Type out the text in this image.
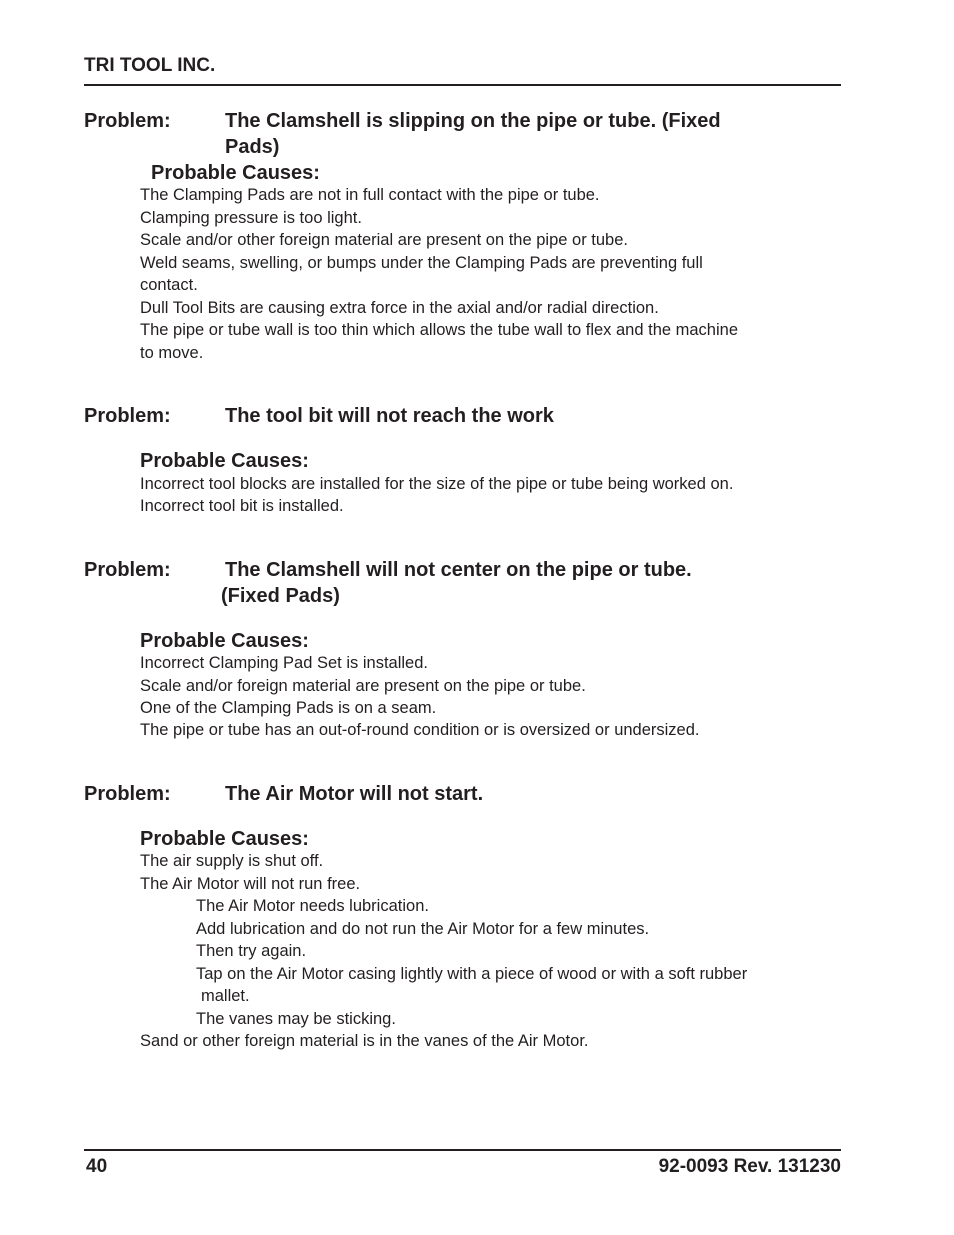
TRI TOOL INC.
Problem:	The Clamshell is slipping on the pipe or tube. (Fixed
Pads)
Probable Causes:
The Clamping Pads are not in full contact with the pipe or tube.
Clamping pressure is too light.
Scale and/or other foreign material are present on the pipe or tube.
Weld seams, swelling, or bumps under the Clamping Pads are preventing full
contact.
Dull Tool Bits are causing extra force in the axial and/or radial direction.
The pipe or tube wall is too thin which allows the tube wall to flex and the machine
to move.
Problem:	The tool bit will not reach the work
Probable Causes:
Incorrect tool blocks are installed for the size of the pipe or tube being worked on.
Incorrect tool bit is installed.
Problem:	The Clamshell will not center on the pipe or tube.
(Fixed Pads)
Probable Causes:
Incorrect Clamping Pad Set is installed.
Scale and/or foreign material are present on the pipe or tube.
One of the Clamping Pads is on a seam.
The pipe or tube has an out-of-round condition or is oversized or undersized.
Problem:	The Air Motor will not start.
Probable Causes:
The air supply is shut off.
The Air Motor will not run free.
The Air Motor needs lubrication.
Add lubrication and do not run the Air Motor for a few minutes.
Then try again.
Tap on the Air Motor casing lightly with a piece of wood or with a soft rubber
mallet.
The vanes may be sticking.
Sand or other foreign material is in the vanes of the Air Motor.
40	92-0093 Rev. 131230
